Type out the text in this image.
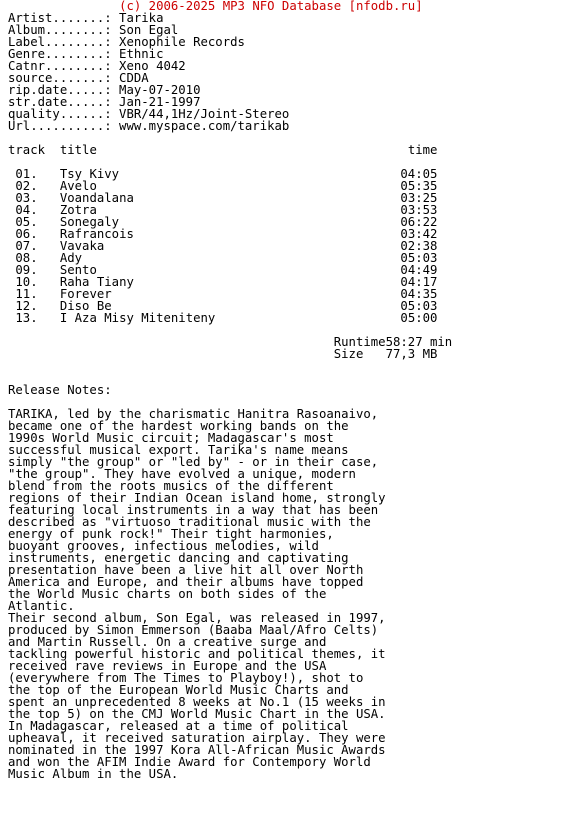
(c) 2006-2025 MP3 NFO Database [nfodb.ru]
Artist.......: Tarika
Album........: Son Egal
Label........: Xenophile Records
Genre........: Ethnic
Catnr........: Xeno 4042
source.......: CDDA
rip.date.....: May-07-2010
str.date.....: Jan-21-1997
quality......: VBR/44,1Hz/Joint-Stereo
Url..........: www.myspace.com/tarikab
track title	time
01. Tsy Kivy	04:05
02. Avelo	05:35
03. Voandalana	03:25
04. Zotra	03:53
05. Sonegaly	06:22
06. Rafrancois	03:42
07. Vavaka	02:38
08. Ady	05:03
09. Sento	04:49
10. Raha Tiany	04:17
11. Forever	04:35
12. Diso Be	05:03
13. I Aza Misy Miteniteny	05:00
Runtime58:27 min
Size 77,3 MB
Release Notes:
TARIKA, led by the charismatic Hanitra Rasoanaivo,
became one of the hardest working bands on the
1990s World Music circuit; Madagascar's most
successful musical export. Tarika's name means
simply "the group" or "led by" - or in their case,
"the group". They have evolved a unique, modern
blend from the roots musics of the different
regions of their Indian Ocean island home, strongly
featuring local instruments in a way that has been
described as "virtuoso traditional music with the
energy of punk rock!" Their tight harmonies,
buoyant grooves, infectious melodies, wild
instruments, energetic dancing and captivating
presentation have been a live hit all over North
America and Europe, and their albums have topped
the World Music charts on both sides of the
Atlantic.
Their second album, Son Egal, was released in 1997,
produced by Simon Emmerson (Baaba Maal/Afro Celts)
and Martin Russell. On a creative surge and
tackling powerful historic and political themes, it
received rave reviews in Europe and the USA
(everywhere from The Times to Playboy!), shot to
the top of the European World Music Charts and
spent an unprecedented 8 weeks at No.1 (15 weeks in
the top 5) on the CMJ World Music Chart in the USA.
In Madagascar, released at a time of political
upheaval, it received saturation airplay. They were
nominated in the 1997 Kora All-African Music Awards
and won the AFIM Indie Award for Contempory World
Music Album in the USA.
